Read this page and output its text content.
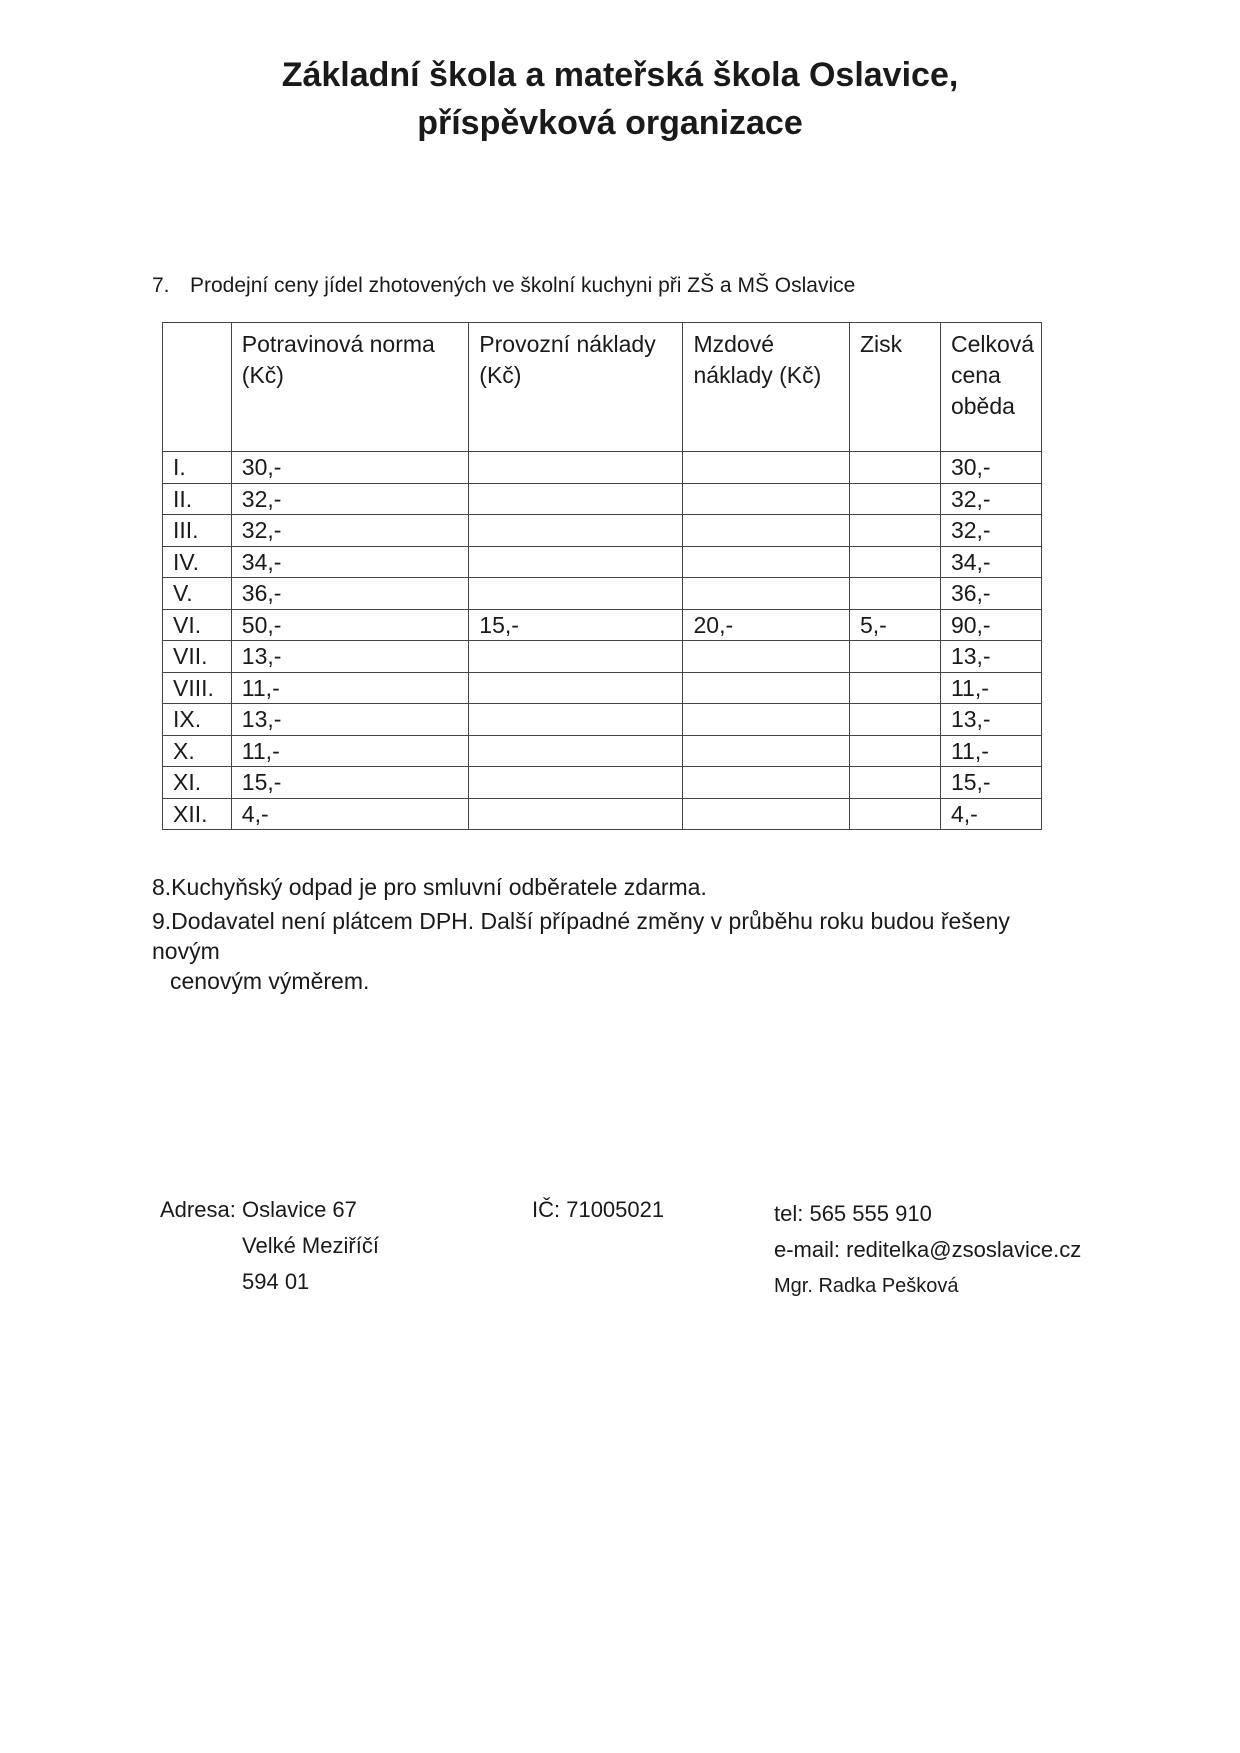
Základní škola a mateřská škola Oslavice,
příspěvková organizace
7. Prodejní ceny jídel zhotovených ve školní kuchyni při ZŠ a MŠ Oslavice
	Potravinová norma (Kč)	Provozní náklady (Kč)	Mzdové náklady (Kč)	Zisk	Celková cena oběda
I.	30,-				30,-
II.	32,-				32,-
III.	32,-				32,-
IV.	34,-				34,-
V.	36,-				36,-
VI.	50,-	15,-	20,-	5,-	90,-
VII.	13,-				13,-
VIII.	11,-				11,-
IX.	13,-				13,-
X.	11,-				11,-
XI.	15,-				15,-
XII.	4,-				4,-
8.Kuchyňský odpad je pro smluvní odběratele zdarma.
9.Dodavatel není plátcem DPH. Další případné změny v průběhu roku budou řešeny novým
cenovým výměrem.
Adresa: Oslavice 67
Velké Meziříčí
594 01
IČ: 71005021	tel: 565 555 910
e-mail: reditelka@zsoslavice.cz
Mgr. Radka Pešková
